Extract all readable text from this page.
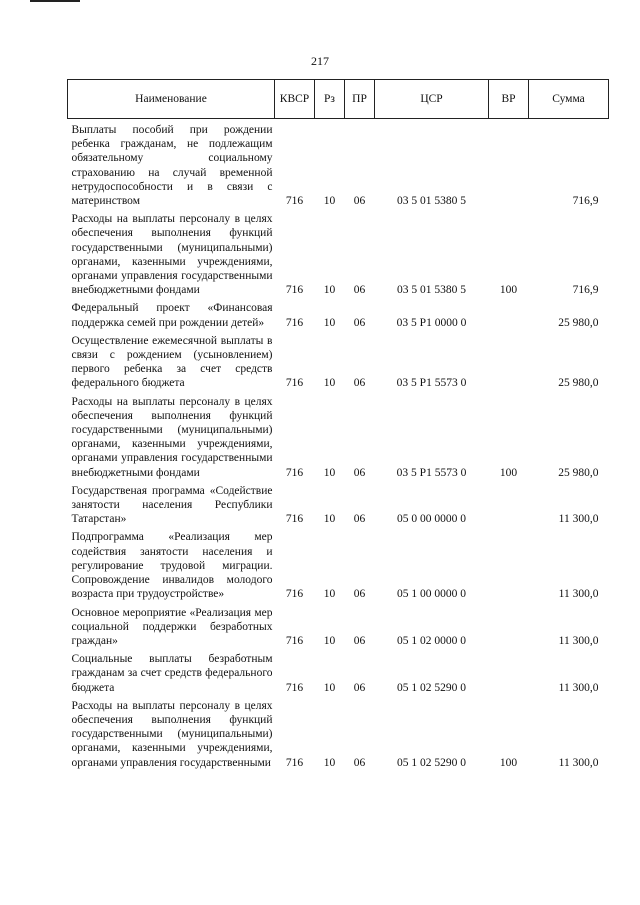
217
Наименование	КВСР	Рз	ПР	ЦСР	ВР	Сумма
Выплаты пособий при рождении ребенка гражданам, не подлежащим обязательному социальному страхованию на случай временной нетрудоспособности и в связи с материнством	716	10	06	03 5 01 5380 5		716,9
Расходы на выплаты персоналу в целях обеспечения выполнения функций государственными (муниципальными) органами, казенными учреждениями, органами управления государственными внебюджетными фондами	716	10	06	03 5 01 5380 5	100	716,9
Федеральный проект «Финансовая поддержка семей при рождении детей»	716	10	06	03 5 Р1 0000 0		25 980,0
Осуществление ежемесячной выплаты в связи с рождением (усыновлением) первого ребенка за счет средств федерального бюджета	716	10	06	03 5 Р1 5573 0		25 980,0
Расходы на выплаты персоналу в целях обеспечения выполнения функций государственными (муниципальными) органами, казенными учреждениями, органами управления государственными внебюджетными фондами	716	10	06	03 5 Р1 5573 0	100	25 980,0
Государственая программа «Содействие занятости населения Республики Татарстан»	716	10	06	05 0 00 0000 0		11 300,0
Подпрограмма «Реализация мер содействия занятости населения и регулирование трудовой миграции. Сопровождение инвалидов молодого возраста при трудоустройстве»	716	10	06	05 1 00 0000 0		11 300,0
Основное мероприятие «Реализация мер социальной поддержки безработных граждан»	716	10	06	05 1 02 0000 0		11 300,0
Социальные выплаты безработным гражданам за счет средств федерального бюджета	716	10	06	05 1 02 5290 0		11 300,0
Расходы на выплаты персоналу в целях обеспечения выполнения функций государственными (муниципальными) органами, казенными учреждениями, органами управления государственными	716	10	06	05 1 02 5290 0	100	11 300,0
